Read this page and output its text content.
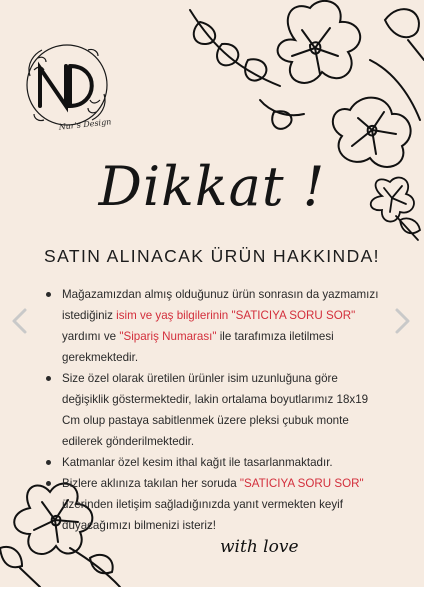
Nur's Design
Dikkat !
SATIN ALINACAK ÜRÜN HAKKINDA!
Mağazamızdan almış olduğunuz ürün sonrasın da yazmamızı istediğiniz isim ve yaş bilgilerinin "SATICIYA SORU SOR" yardımı ve "Sipariş Numarası" ile tarafımıza iletilmesi gerekmektedir.
Size özel olarak üretilen ürünler isim uzunluğuna göre değişiklik göstermektedir, lakin ortalama boyutlarımız 18x19 Cm olup pastaya sabitlenmek üzere pleksi çubuk monte edilerek gönderilmektedir.
Katmanlar özel kesim ithal kağıt ile tasarlanmaktadır.
Bizlere aklınıza takılan her soruda "SATICIYA SORU SOR" üzerinden iletişim sağladığınızda yanıt vermekten keyif duyacağımızı bilmenizi isteriz!
with love
